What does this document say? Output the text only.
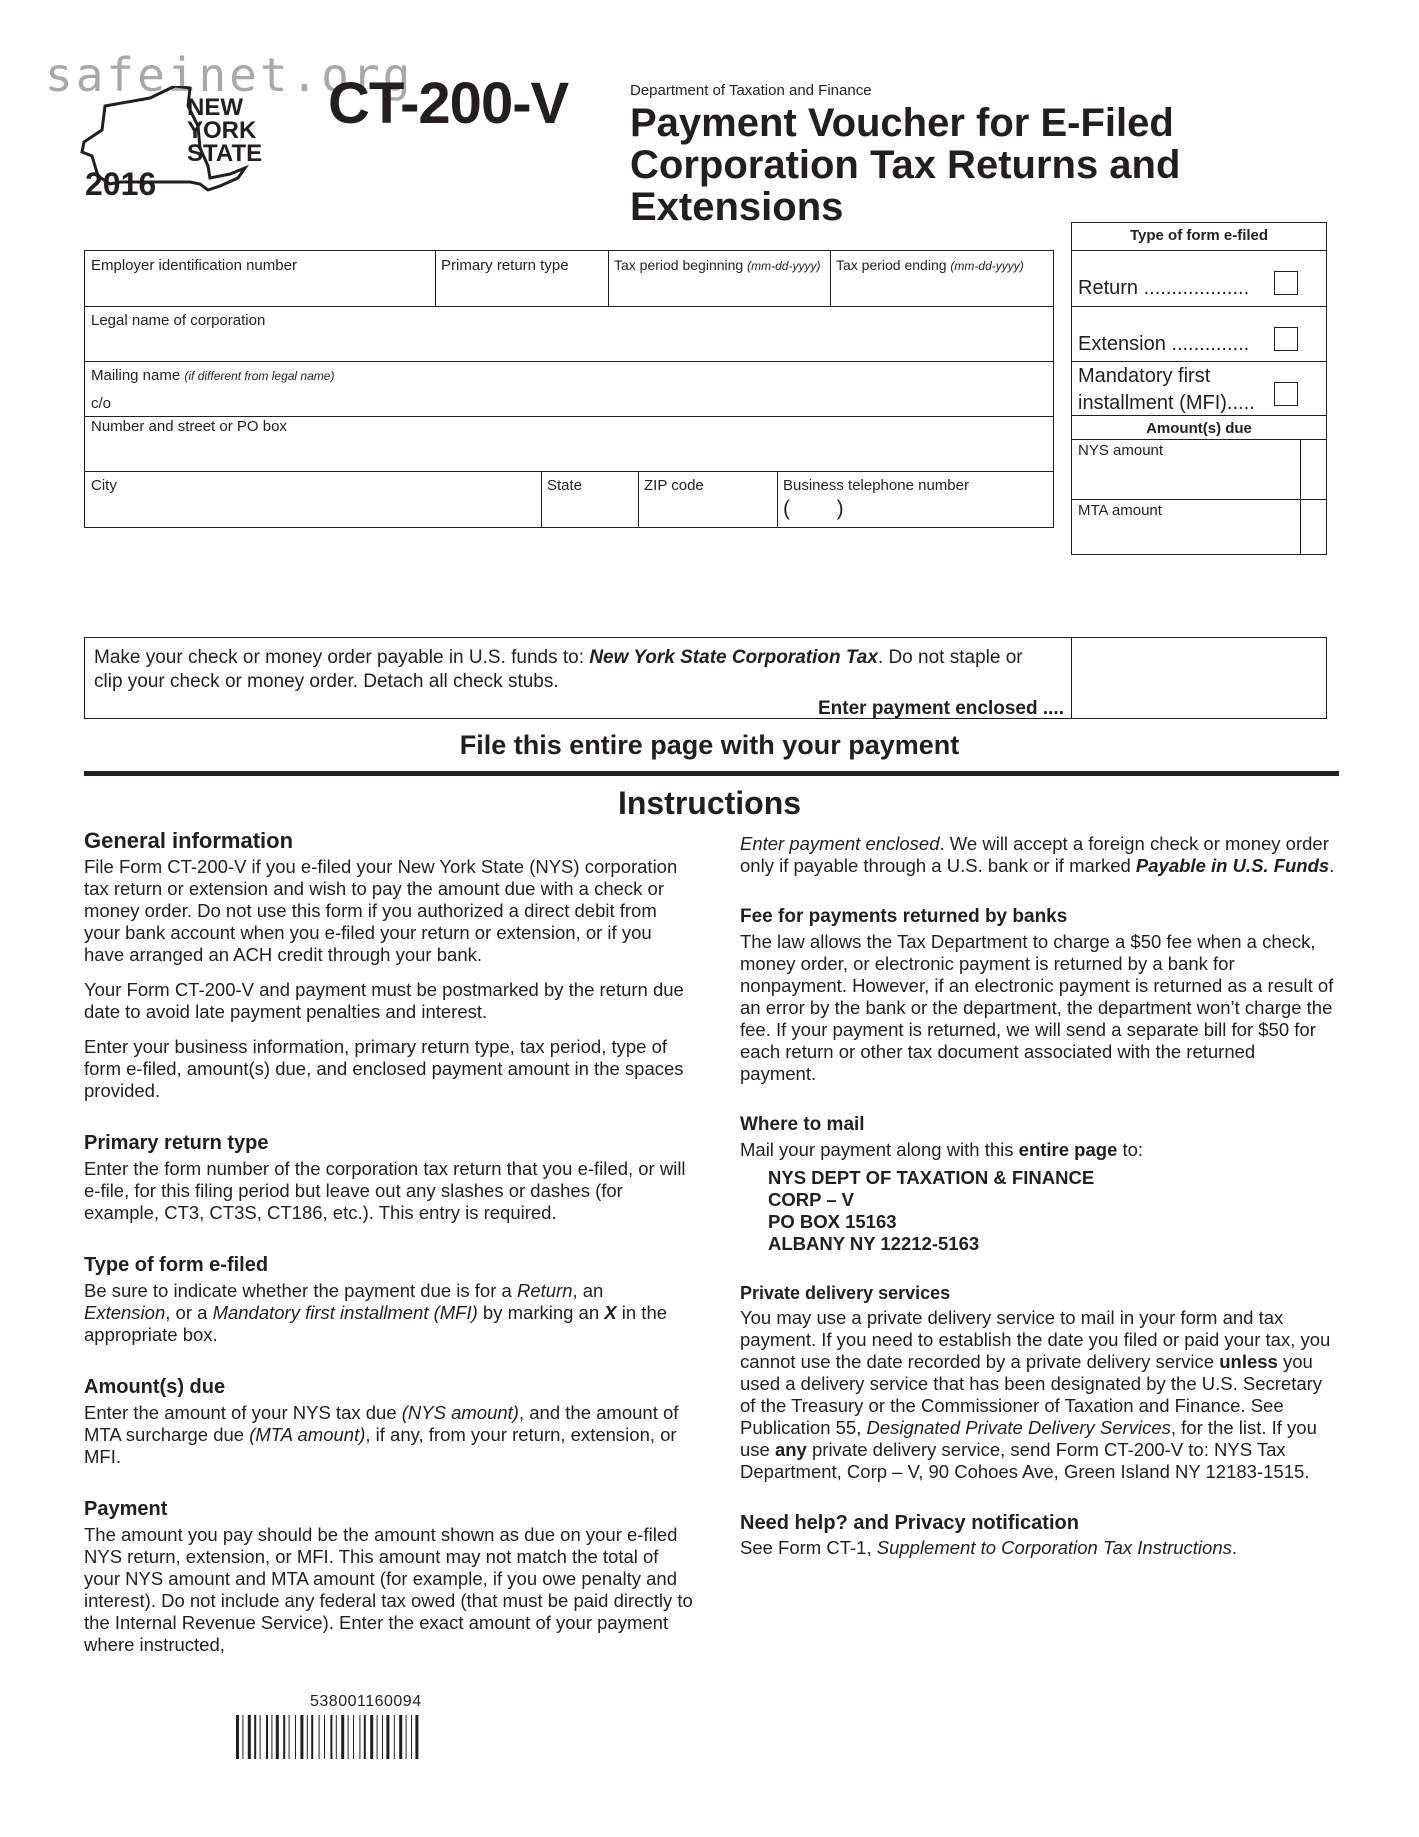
safeinet.org
NEW
YORK
STATE
2016
CT-200-V	Department of Taxation and Finance
Payment Voucher for E-Filed
Corporation Tax Returns and
Extensions
Employer identification number	Primary return type	Tax period beginning (mm-dd-yyyy) Tax period ending (mm-dd-yyyy)
Legal name of corporation
Mailing name (if different from legal name)
c/o
Number and street or PO box
City	State	ZIP code	Business telephone number
(        )
Type of form e-filed
Return ...................
Extension ..............
Mandatory first
installment (MFI).....
Amount(s) due
NYS amount
MTA amount
Make your check or money order payable in U.S. funds to: New York State Corporation Tax. Do not staple or clip your check or money order. Detach all check stubs.
Enter payment enclosed ....
File this entire page with your payment
Instructions
General information

File Form CT-200-V if you e-filed your New York State (NYS) corporation tax return or extension and wish to pay the amount due with a check or money order. Do not use this form if you authorized a direct debit from your bank account when you e-filed your return or extension, or if you have arranged an ACH credit through your bank.

Your Form CT-200-V and payment must be postmarked by the return due date to avoid late payment penalties and interest.

Enter your business information, primary return type, tax period, type of form e-filed, amount(s) due, and enclosed payment amount in the spaces provided.

Primary return type

Enter the form number of the corporation tax return that you e-filed, or will e-file, for this filing period but leave out any slashes or dashes (for example, CT3, CT3S, CT186, etc.). This entry is required.

Type of form e-filed

Be sure to indicate whether the payment due is for a Return, an Extension, or a Mandatory first installment (MFI) by marking an X in the appropriate box.

Amount(s) due

Enter the amount of your NYS tax due (NYS amount), and the amount of MTA surcharge due (MTA amount), if any, from your return, extension, or MFI.

Payment

The amount you pay should be the amount shown as due on your e-filed NYS return, extension, or MFI. This amount may not match the total of your NYS amount and MTA amount (for example, if you owe penalty and interest). Do not include any federal tax owed (that must be paid directly to the Internal Revenue Service). Enter the exact amount of your payment where instructed,

Enter payment enclosed. We will accept a foreign check or money order only if payable through a U.S. bank or if marked Payable in U.S. Funds.

Fee for payments returned by banks

The law allows the Tax Department to charge a $50 fee when a check, money order, or electronic payment is returned by a bank for nonpayment. However, if an electronic payment is returned as a result of an error by the bank or the department, the department won’t charge the fee. If your payment is returned, we will send a separate bill for $50 for each return or other tax document associated with the returned payment.

Where to mail

Mail your payment along with this entire page to:

NYS DEPT OF TAXATION & FINANCE
CORP – V
PO BOX 15163
ALBANY NY 12212-5163
Private delivery services

You may use a private delivery service to mail in your form and tax payment. If you need to establish the date you filed or paid your tax, you cannot use the date recorded by a private delivery service unless you used a delivery service that has been designated by the U.S. Secretary of the Treasury or the Commissioner of Taxation and Finance. See Publication 55, Designated Private Delivery Services, for the list. If you use any private delivery service, send Form CT-200-V to: NYS Tax Department, Corp – V, 90 Cohoes Ave, Green Island NY 12183-1515.

Need help? and Privacy notification

See Form CT-1, Supplement to Corporation Tax Instructions.

538001160094
